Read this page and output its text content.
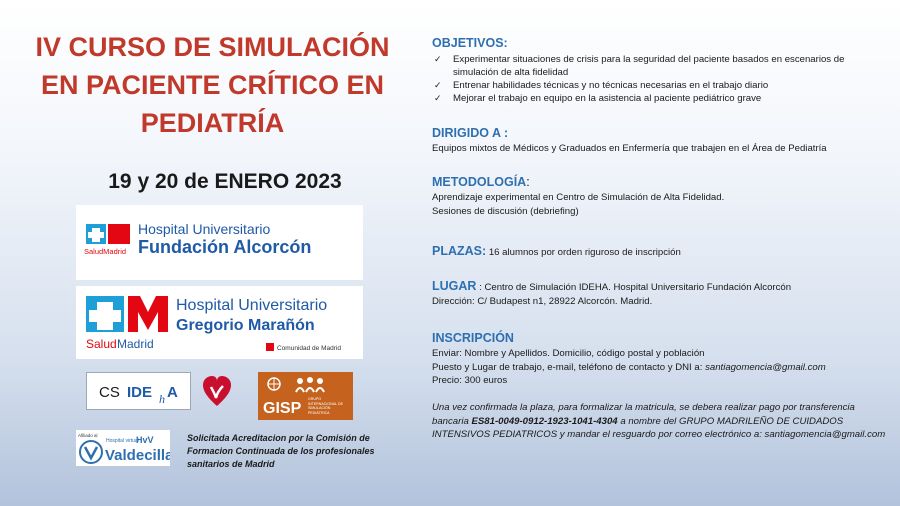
IV CURSO DE SIMULACIÓN
EN PACIENTE CRÍTICO EN
PEDIATRÍA

19 y 20 de ENERO 2023

*
SaludMadrid
Hospital Universitario
Fundación Alcorcón
Salud Madrid
Hospital Universitario
Gregorio Marañón
Comunidad de Madrid
CS IDE h A
GISP
GRUPO INTERNACIONAL DE SIMULACIÓN PEDIÁTRICA
Afiliado al
Hospital virtual
HvV
Valdecilla

Solicitada Acreditacion por la Comisión de Formacion Continuada de los profesionales sanitarios de Madrid

OBJETIVOS:

✓ Experimentar situaciones de crisis para la seguridad del paciente basados en escenarios de simulación de alta fidelidad
✓ Entrenar habilidades técnicas y no técnicas necesarias en el trabajo diario
✓ Mejorar el trabajo en equipo en la asistencia al paciente pediátrico grave

DIRIGIDO A :

Equipos mixtos de Médicos y Graduados en Enfermería que trabajen en el Área de Pediatría

METODOLOGÍA:

Aprendizaje experimental en Centro de Simulación de Alta Fidelidad.

Sesiones de discusión (debriefing)

PLAZAS: 16 alumnos por orden riguroso de inscripción

LUGAR : Centro de Simulación IDEHA. Hospital Universitario Fundación Alcorcón

Dirección: C/ Budapest n1, 28922 Alcorcón. Madrid.

INSCRIPCIÓN

Enviar: Nombre y Apellidos. Domicilio, código postal y población

Puesto y Lugar de trabajo, e-mail, teléfono de contacto y DNI a: santiagomencia@gmail.com

Precio: 300 euros

Una vez confirmada la plaza, para formalizar la matricula, se debera realizar pago por transferencia bancaria ES81-0049-0912-1923-1041-4304 a nombre del GRUPO MADRILEÑO DE CUIDADOS INTENSIVOS PEDIATRICOS y mandar el resguardo por correo electrónico a: santiagomencia@gmail.com
